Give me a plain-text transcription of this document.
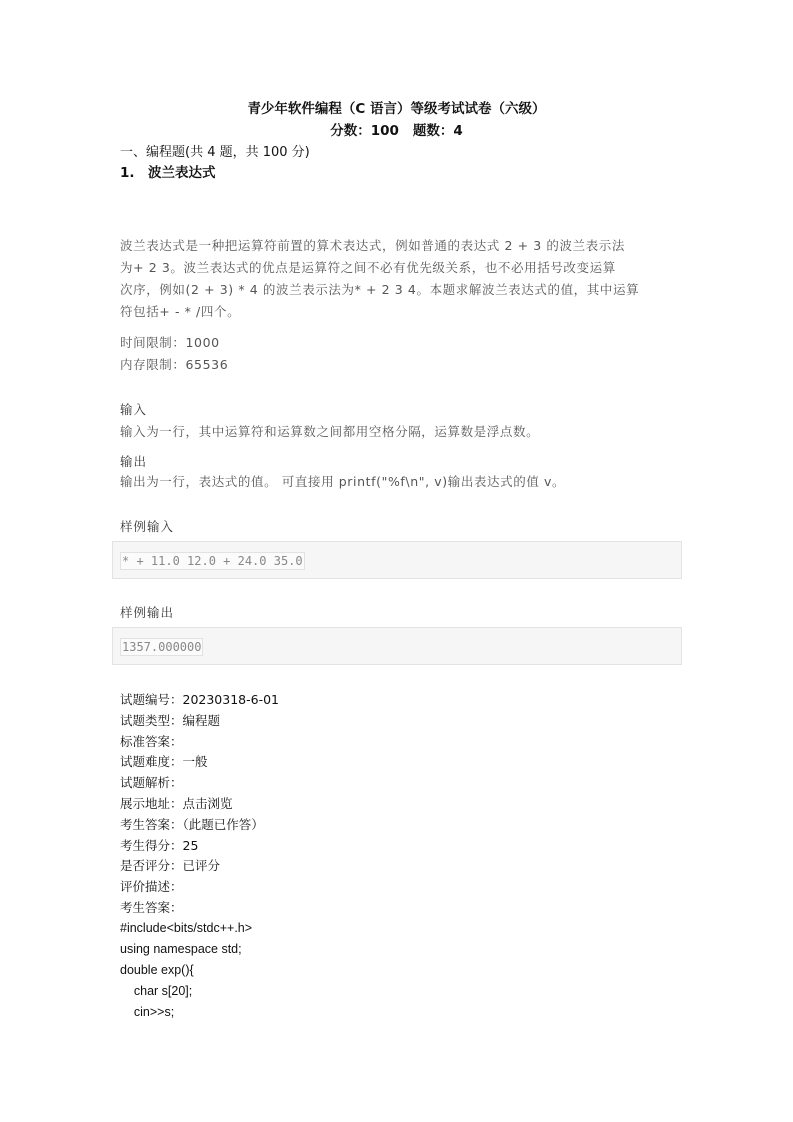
青少年软件编程（C 语言）等级考试试卷（六级）
分数：100 题数：4
一、编程题(共 4 题，共 100 分)
1. 波兰表达式
波兰表达式是一种把运算符前置的算术表达式，例如普通的表达式 2 + 3 的波兰表示法
为+ 2 3。波兰表达式的优点是运算符之间不必有优先级关系，也不必用括号改变运算
次序，例如(2 + 3) * 4 的波兰表示法为* + 2 3 4。本题求解波兰表达式的值，其中运算
符包括+ - * /四个。
时间限制：1000
内存限制：65536
输入
输入为一行，其中运算符和运算数之间都用空格分隔，运算数是浮点数。
输出
输出为一行，表达式的值。 可直接用 printf("%f\n", v)输出表达式的值 v。
样例输入
* + 11.0 12.0 + 24.0 35.0
样例输出
1357.000000
试题编号：20230318-6-01
试题类型：编程题
标准答案：
试题难度：一般
试题解析：
展示地址：点击浏览
考生答案：（此题已作答）
考生得分：25
是否评分：已评分
评价描述：
考生答案：
#include<bits/stdc++.h>
using namespace std;
double exp(){
char s[20];
cin>>s;
